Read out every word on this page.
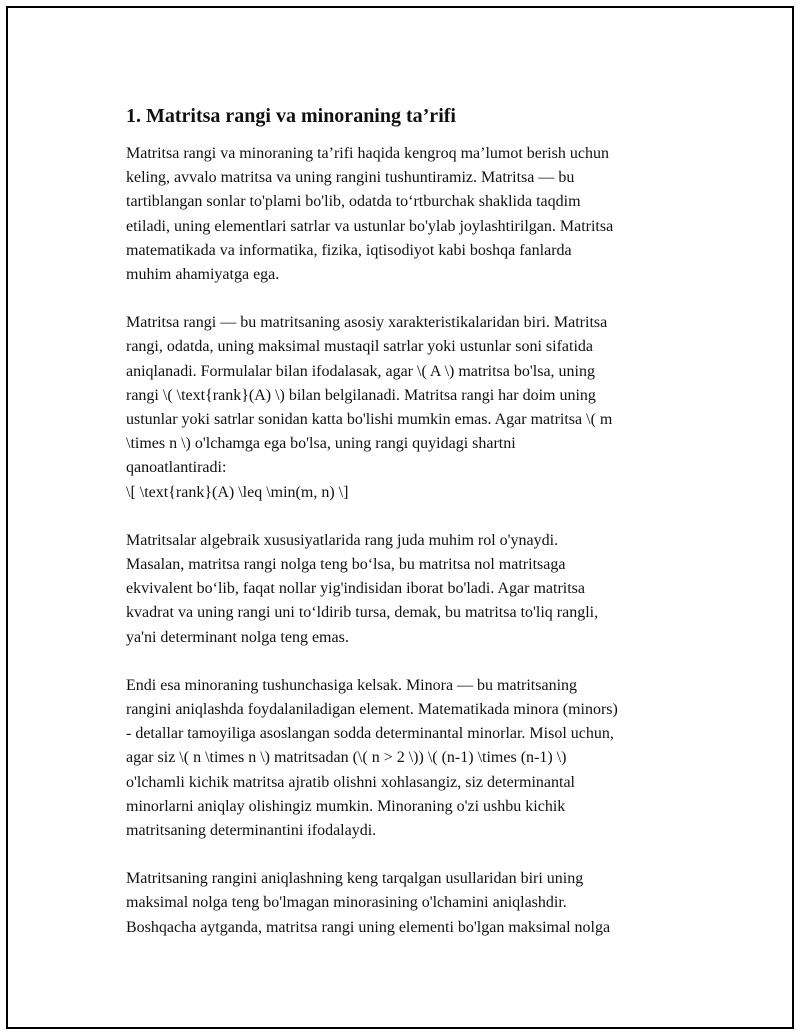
1. Matritsa rangi va minoraning ta’rifi

Matritsa rangi va minoraning ta’rifi haqida kengroq ma’lumot berish uchun
keling, avvalo matritsa va uning rangini tushuntiramiz. Matritsa — bu
tartiblangan sonlar to'plami bo'lib, odatda to‘rtburchak shaklida taqdim
etiladi, uning elementlari satrlar va ustunlar bo'ylab joylashtirilgan. Matritsa
matematikada va informatika, fizika, iqtisodiyot kabi boshqa fanlarda
muhim ahamiyatga ega.

Matritsa rangi — bu matritsaning asosiy xarakteristikalaridan biri. Matritsa
rangi, odatda, uning maksimal mustaqil satrlar yoki ustunlar soni sifatida
aniqlanadi. Formulalar bilan ifodalasak, agar \( A \) matritsa bo'lsa, uning
rangi \( \text{rank}(A) \) bilan belgilanadi. Matritsa rangi har doim uning
ustunlar yoki satrlar sonidan katta bo'lishi mumkin emas. Agar matritsa \( m
\times n \) o'lchamga ega bo'lsa, uning rangi quyidagi shartni
qanoatlantiradi:
\[ \text{rank}(A) \leq \min(m, n) \]

Matritsalar algebraik xususiyatlarida rang juda muhim rol o'ynaydi.
Masalan, matritsa rangi nolga teng bo‘lsa, bu matritsa nol matritsaga
ekvivalent bo‘lib, faqat nollar yig'indisidan iborat bo'ladi. Agar matritsa
kvadrat va uning rangi uni to‘ldirib tursa, demak, bu matritsa to'liq rangli,
ya'ni determinant nolga teng emas.

Endi esa minoraning tushunchasiga kelsak. Minora — bu matritsaning
rangini aniqlashda foydalaniladigan element. Matematikada minora (minors)
- detallar tamoyiliga asoslangan sodda determinantal minorlar. Misol uchun,
agar siz \( n \times n \) matritsadan (\( n > 2 \)) \( (n-1) \times (n-1) \)
o'lchamli kichik matritsa ajratib olishni xohlasangiz, siz determinantal
minorlarni aniqlay olishingiz mumkin. Minoraning o'zi ushbu kichik
matritsaning determinantini ifodalaydi.

Matritsaning rangini aniqlashning keng tarqalgan usullaridan biri uning
maksimal nolga teng bo'lmagan minorasining o'lchamini aniqlashdir.
Boshqacha aytganda, matritsa rangi uning elementi bo'lgan maksimal nolga
